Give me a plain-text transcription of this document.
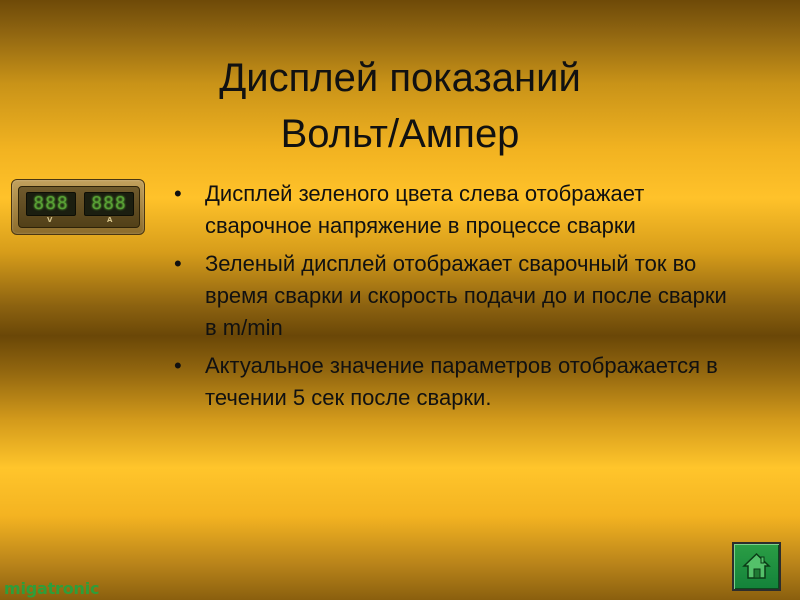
Дисплей показаний
Вольт/Ампер
888	888
V	A
• Дисплей зеленого цвета слева отображает сварочное напряжение в процессе сварки
• Зеленый дисплей отображает сварочный ток во время сварки и скорость подачи до и после сварки в m/min
• Актуальное значение параметров отображается в течении 5 сек после сварки.
migatronic
